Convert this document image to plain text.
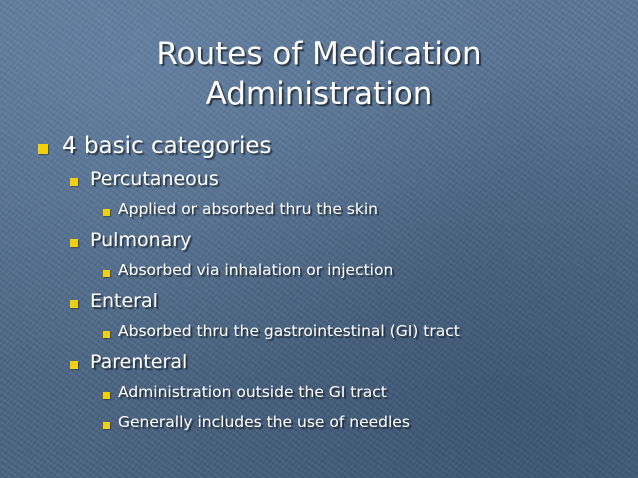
Routes of Medication
Administration
4 basic categories
Percutaneous
Applied or absorbed thru the skin
Pulmonary
Absorbed via inhalation or injection
Enteral
Absorbed thru the gastrointestinal (GI) tract
Parenteral
Administration outside the GI tract
Generally includes the use of needles
